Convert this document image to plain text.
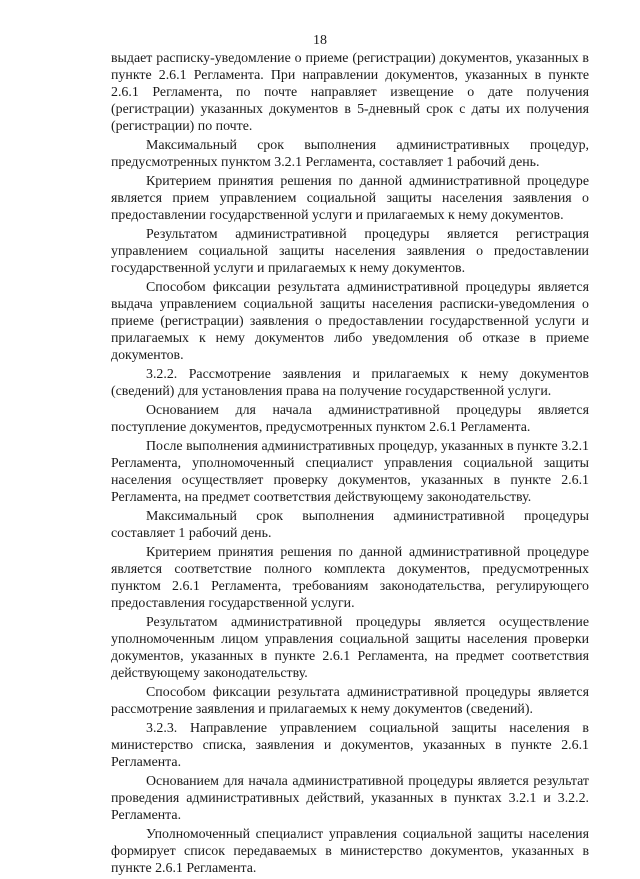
18

выдает расписку-уведомление о приеме (регистрации) документов, указанных в пункте 2.6.1 Регламента. При направлении документов, указанных в пункте 2.6.1 Регламента, по почте направляет извещение о дате получения (регистрации) указанных документов в 5-дневный срок с даты их получения (регистрации) по почте.

Максимальный срок выполнения административных процедур, предусмотренных пунктом 3.2.1 Регламента, составляет 1 рабочий день.

Критерием принятия решения по данной административной процедуре является прием управлением социальной защиты населения заявления о предоставлении государственной услуги и прилагаемых к нему документов.

Результатом административной процедуры является регистрация управлением социальной защиты населения заявления о предоставлении государственной услуги и прилагаемых к нему документов.

Способом фиксации результата административной процедуры является выдача управлением социальной защиты населения расписки-уведомления о приеме (регистрации) заявления о предоставлении государственной услуги и прилагаемых к нему документов либо уведомления об отказе в приеме документов.

3.2.2. Рассмотрение заявления и прилагаемых к нему документов (сведений) для установления права на получение государственной услуги.

Основанием для начала административной процедуры является поступление документов, предусмотренных пунктом 2.6.1 Регламента.

После выполнения административных процедур, указанных в пункте 3.2.1 Регламента, уполномоченный специалист управления социальной защиты населения осуществляет проверку документов, указанных в пункте 2.6.1 Регламента, на предмет соответствия действующему законодательству.

Максимальный срок выполнения административной процедуры составляет 1 рабочий день.

Критерием принятия решения по данной административной процедуре является соответствие полного комплекта документов, предусмотренных пунктом 2.6.1 Регламента, требованиям законодательства, регулирующего предоставления государственной услуги.

Результатом административной процедуры является осуществление уполномоченным лицом управления социальной защиты населения проверки документов, указанных в пункте 2.6.1 Регламента, на предмет соответствия действующему законодательству.

Способом фиксации результата административной процедуры является рассмотрение заявления и прилагаемых к нему документов (сведений).

3.2.3. Направление управлением социальной защиты населения в министерство списка, заявления и документов, указанных в пункте 2.6.1 Регламента.

Основанием для начала административной процедуры является результат проведения административных действий, указанных в пунктах 3.2.1 и 3.2.2. Регламента.

Уполномоченный специалист управления социальной защиты населения формирует список передаваемых в министерство документов, указанных в пункте 2.6.1 Регламента.
